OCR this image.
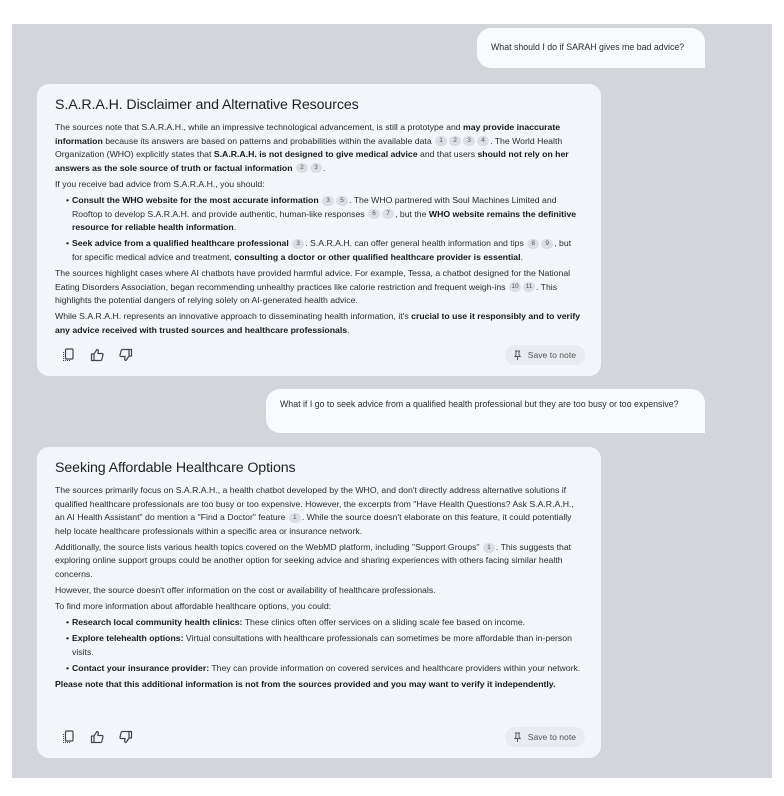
What should I do if SARAH gives me bad advice?
S.A.R.A.H. Disclaimer and Alternative Resources
The sources note that S.A.R.A.H., while an impressive technological advancement, is still a prototype and may provide inaccurate information because its answers are based on patterns and probabilities within the available data 1 2 3 4 . The World Health Organization (WHO) explicitly states that S.A.R.A.H. is not designed to give medical advice and that users should not rely on her answers as the sole source of truth or factual information 2 3 .
If you receive bad advice from S.A.R.A.H., you should:
• Consult the WHO website for the most accurate information 3 5 . The WHO partnered with Soul Machines Limited and Rooftop to develop S.A.R.A.H. and provide authentic, human-like responses 6 7 , but the WHO website remains the definitive resource for reliable health information.
• Seek advice from a qualified healthcare professional 3 . S.A.R.A.H. can offer general health information and tips 8 9 , but for specific medical advice and treatment, consulting a doctor or other qualified healthcare provider is essential.
The sources highlight cases where AI chatbots have provided harmful advice. For example, Tessa, a chatbot designed for the National Eating Disorders Association, began recommending unhealthy practices like calorie restriction and frequent weigh-ins 10 11 . This highlights the potential dangers of relying solely on AI-generated health advice.
While S.A.R.A.H. represents an innovative approach to disseminating health information, it's crucial to use it responsibly and to verify any advice received with trusted sources and healthcare professionals.
Save to note
What if I go to seek advice from a qualified health professional but they are too busy or too expensive?
Seeking Affordable Healthcare Options
The sources primarily focus on S.A.R.A.H., a health chatbot developed by the WHO, and don't directly address alternative solutions if qualified healthcare professionals are too busy or too expensive. However, the excerpts from "Have Health Questions? Ask S.A.R.A.H., an AI Health Assistant" do mention a "Find a Doctor" feature 1 . While the source doesn't elaborate on this feature, it could potentially help locate healthcare professionals within a specific area or insurance network.
Additionally, the source lists various health topics covered on the WebMD platform, including "Support Groups" 1 . This suggests that exploring online support groups could be another option for seeking advice and sharing experiences with others facing similar health concerns.
However, the source doesn't offer information on the cost or availability of healthcare professionals.
To find more information about affordable healthcare options, you could:
• Research local community health clinics: These clinics often offer services on a sliding scale fee based on income.
• Explore telehealth options: Virtual consultations with healthcare professionals can sometimes be more affordable than in-person visits.
• Contact your insurance provider: They can provide information on covered services and healthcare providers within your network.
Please note that this additional information is not from the sources provided and you may want to verify it independently.
Save to note
